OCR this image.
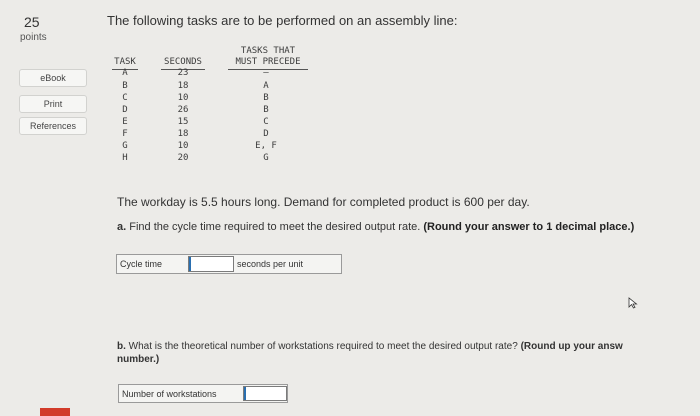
25
points
eBook
Print
References
The following tasks are to be performed on an assembly line:
TASKS THAT
TASK	SECONDS	MUST PRECEDE
A	23	–
B	18	A
C	10	B
D	26	B
E	15	C
F	18	D
G	10	E, F
H	20	G
The workday is 5.5 hours long. Demand for completed product is 600 per day.
a. Find the cycle time required to meet the desired output rate. (Round your answer to 1 decimal place.)
Cycle time	seconds per unit
b. What is the theoretical number of workstations required to meet the desired output rate? (Round up your answ
number.)
Number of workstations
